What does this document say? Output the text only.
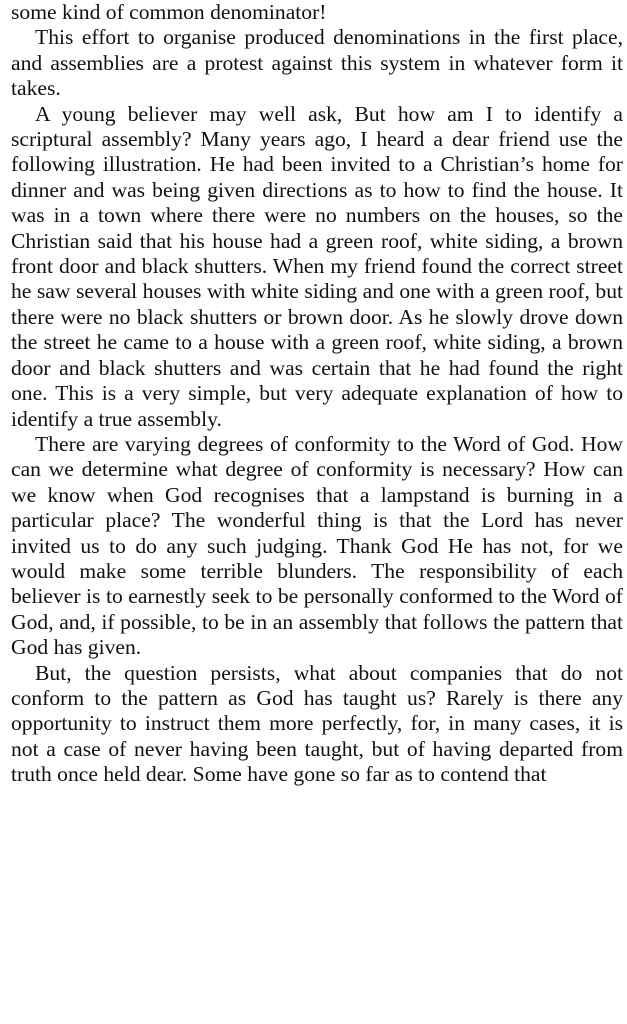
some kind of common denominator!

This effort to organise produced denominations in the first place, and assemblies are a protest against this system in whatever form it takes.

A young believer may well ask, But how am I to identify a scriptural assembly? Many years ago, I heard a dear friend use the following illustration. He had been invited to a Christian’s home for dinner and was being given directions as to how to find the house. It was in a town where there were no numbers on the houses, so the Christian said that his house had a green roof, white siding, a brown front door and black shutters. When my friend found the correct street he saw several houses with white siding and one with a green roof, but there were no black shutters or brown door. As he slowly drove down the street he came to a house with a green roof, white siding, a brown door and black shutters and was certain that he had found the right one. This is a very simple, but very adequate explanation of how to identify a true assembly.

There are varying degrees of conformity to the Word of God. How can we determine what degree of conformity is necessary? How can we know when God recognises that a lampstand is burning in a particular place? The wonderful thing is that the Lord has never invited us to do any such judging. Thank God He has not, for we would make some terrible blunders. The responsibility of each believer is to earnestly seek to be personally conformed to the Word of God, and, if possible, to be in an assembly that follows the pattern that God has given.

But, the question persists, what about companies that do not conform to the pattern as God has taught us? Rarely is there any opportunity to instruct them more perfectly, for, in many cases, it is not a case of never having been taught, but of having departed from truth once held dear. Some have gone so far as to contend that
